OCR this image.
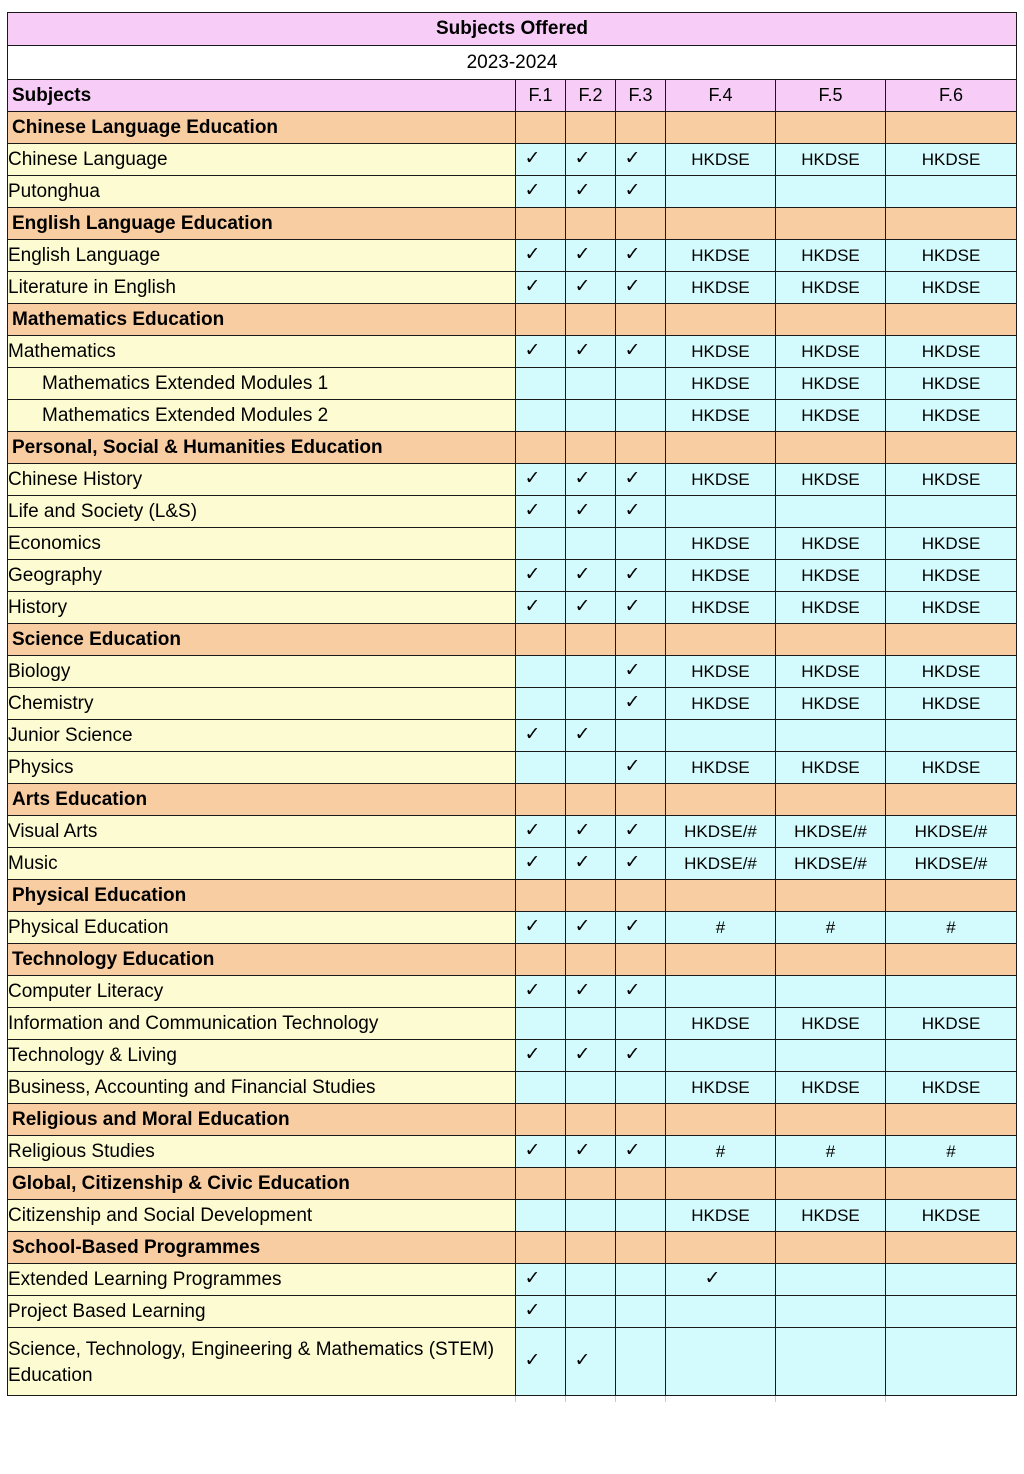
Subjects Offered						
2023-2024						
Subjects	F.1	F.2	F.3	F.4	F.5	F.6
Chinese Language Education						
Chinese Language	✓	✓	✓	HKDSE	HKDSE	HKDSE
Putonghua	✓	✓	✓			
English Language Education						
English Language	✓	✓	✓	HKDSE	HKDSE	HKDSE
Literature in English	✓	✓	✓	HKDSE	HKDSE	HKDSE
Mathematics Education						
Mathematics	✓	✓	✓	HKDSE	HKDSE	HKDSE
Mathematics Extended Modules 1				HKDSE	HKDSE	HKDSE
Mathematics Extended Modules 2				HKDSE	HKDSE	HKDSE
Personal, Social & Humanities Education						
Chinese History	✓	✓	✓	HKDSE	HKDSE	HKDSE
Life and Society (L&S)	✓	✓	✓			
Economics				HKDSE	HKDSE	HKDSE
Geography	✓	✓	✓	HKDSE	HKDSE	HKDSE
History	✓	✓	✓	HKDSE	HKDSE	HKDSE
Science Education						
Biology			✓	HKDSE	HKDSE	HKDSE
Chemistry			✓	HKDSE	HKDSE	HKDSE
Junior Science	✓	✓				
Physics			✓	HKDSE	HKDSE	HKDSE
Arts Education						
Visual Arts	✓	✓	✓	HKDSE/#	HKDSE/#	HKDSE/#
Music	✓	✓	✓	HKDSE/#	HKDSE/#	HKDSE/#
Physical Education						
Physical Education	✓	✓	✓	#	#	#
Technology Education						
Computer Literacy	✓	✓	✓			
Information and Communication Technology				HKDSE	HKDSE	HKDSE
Technology & Living	✓	✓	✓			
Business, Accounting and Financial Studies				HKDSE	HKDSE	HKDSE
Religious and Moral Education						
Religious Studies	✓	✓	✓	#	#	#
Global, Citizenship & Civic Education						
Citizenship and Social Development				HKDSE	HKDSE	HKDSE
School-Based Programmes						
Extended Learning Programmes	✓			✓		
Project Based Learning	✓					
Science, Technology, Engineering & Mathematics (STEM) Education	✓	✓				
